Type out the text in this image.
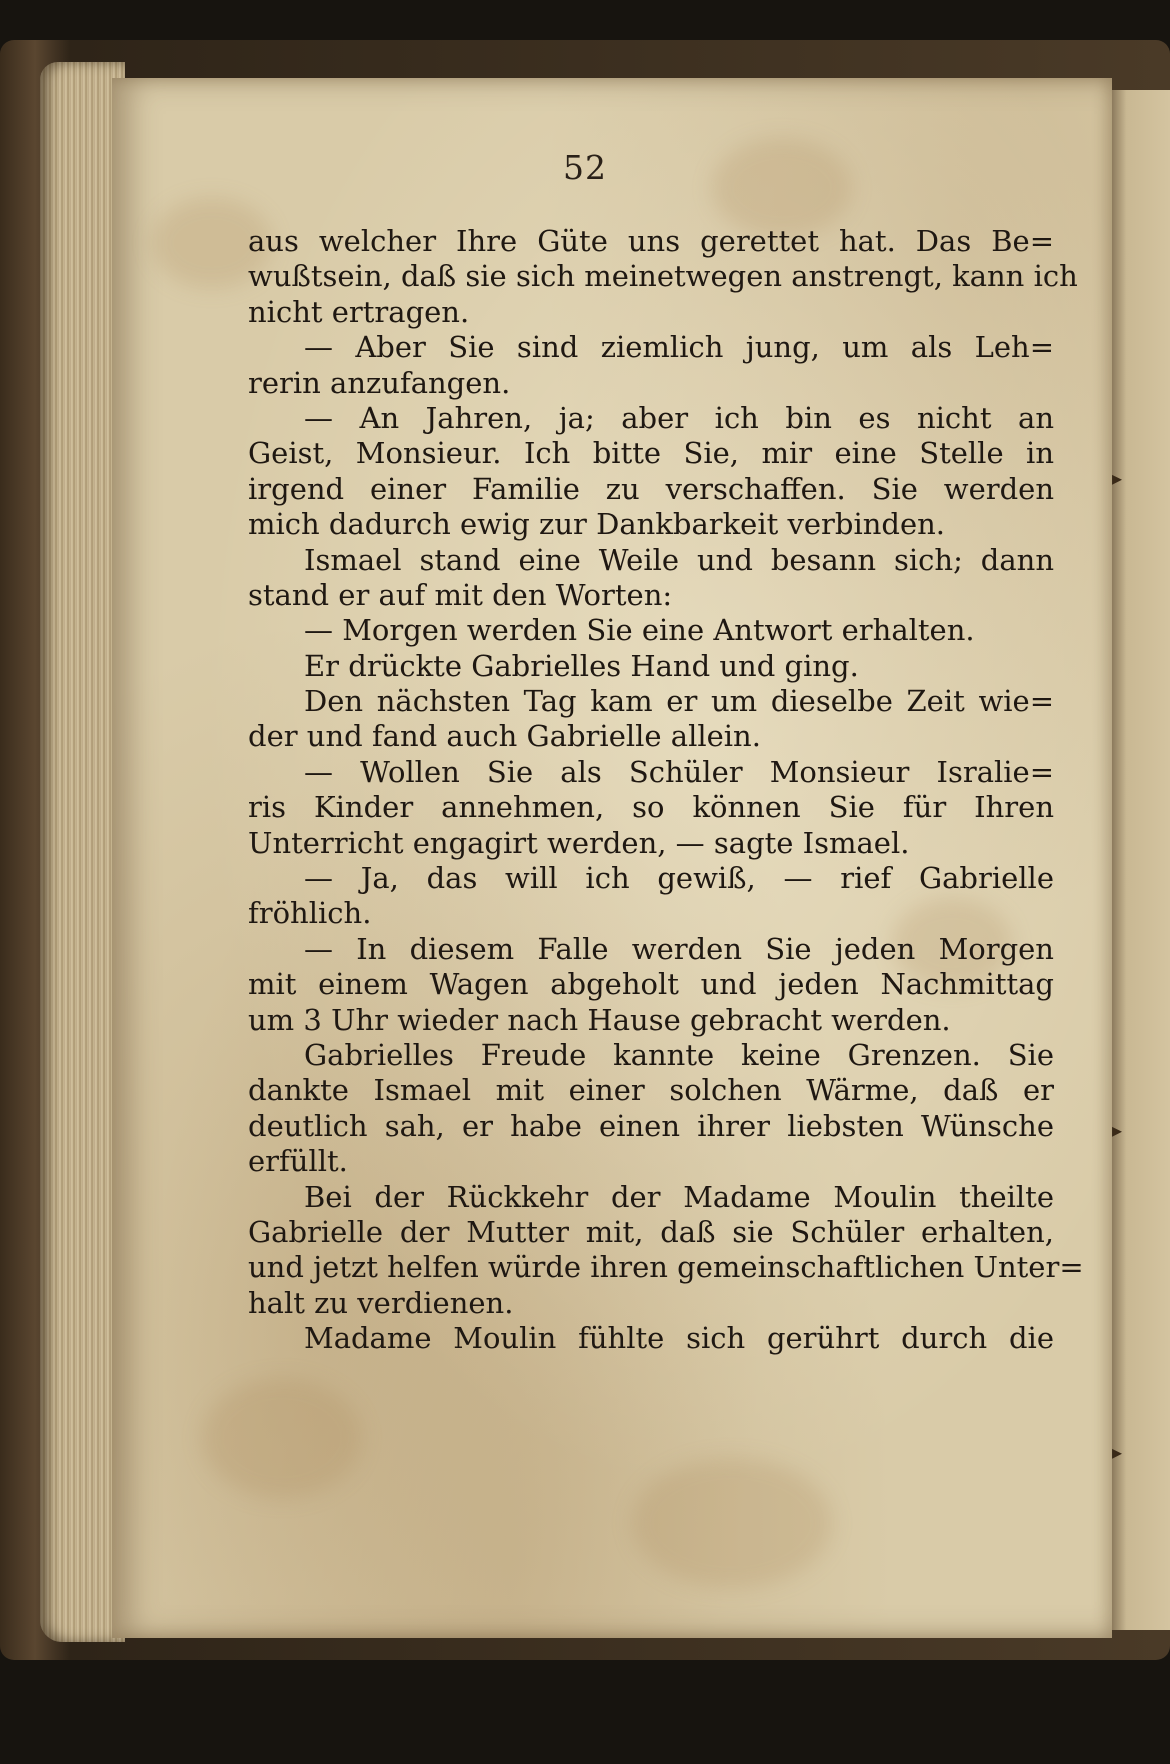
▸
▸
▸
52
aus welcher Ihre Güte uns gerettet hat. Das Be=
wußtsein, daß sie sich meinetwegen anstrengt, kann ich
nicht ertragen.
— Aber Sie sind ziemlich jung, um als Leh=
rerin anzufangen.
— An Jahren, ja; aber ich bin es nicht an
Geist, Monsieur. Ich bitte Sie, mir eine Stelle in
irgend einer Familie zu verschaffen. Sie werden
mich dadurch ewig zur Dankbarkeit verbinden.
Ismael stand eine Weile und besann sich; dann
stand er auf mit den Worten:
— Morgen werden Sie eine Antwort erhalten.
Er drückte Gabrielles Hand und ging.
Den nächsten Tag kam er um dieselbe Zeit wie=
der und fand auch Gabrielle allein.
— Wollen Sie als Schüler Monsieur Isralie=
ris Kinder annehmen, so können Sie für Ihren
Unterricht engagirt werden, — sagte Ismael.
— Ja, das will ich gewiß, — rief Gabrielle
fröhlich.
— In diesem Falle werden Sie jeden Morgen
mit einem Wagen abgeholt und jeden Nachmittag
um 3 Uhr wieder nach Hause gebracht werden.
Gabrielles Freude kannte keine Grenzen. Sie
dankte Ismael mit einer solchen Wärme, daß er
deutlich sah, er habe einen ihrer liebsten Wünsche
erfüllt.
Bei der Rückkehr der Madame Moulin theilte
Gabrielle der Mutter mit, daß sie Schüler erhalten,
und jetzt helfen würde ihren gemeinschaftlichen Unter=
halt zu verdienen.
Madame Moulin fühlte sich gerührt durch die
